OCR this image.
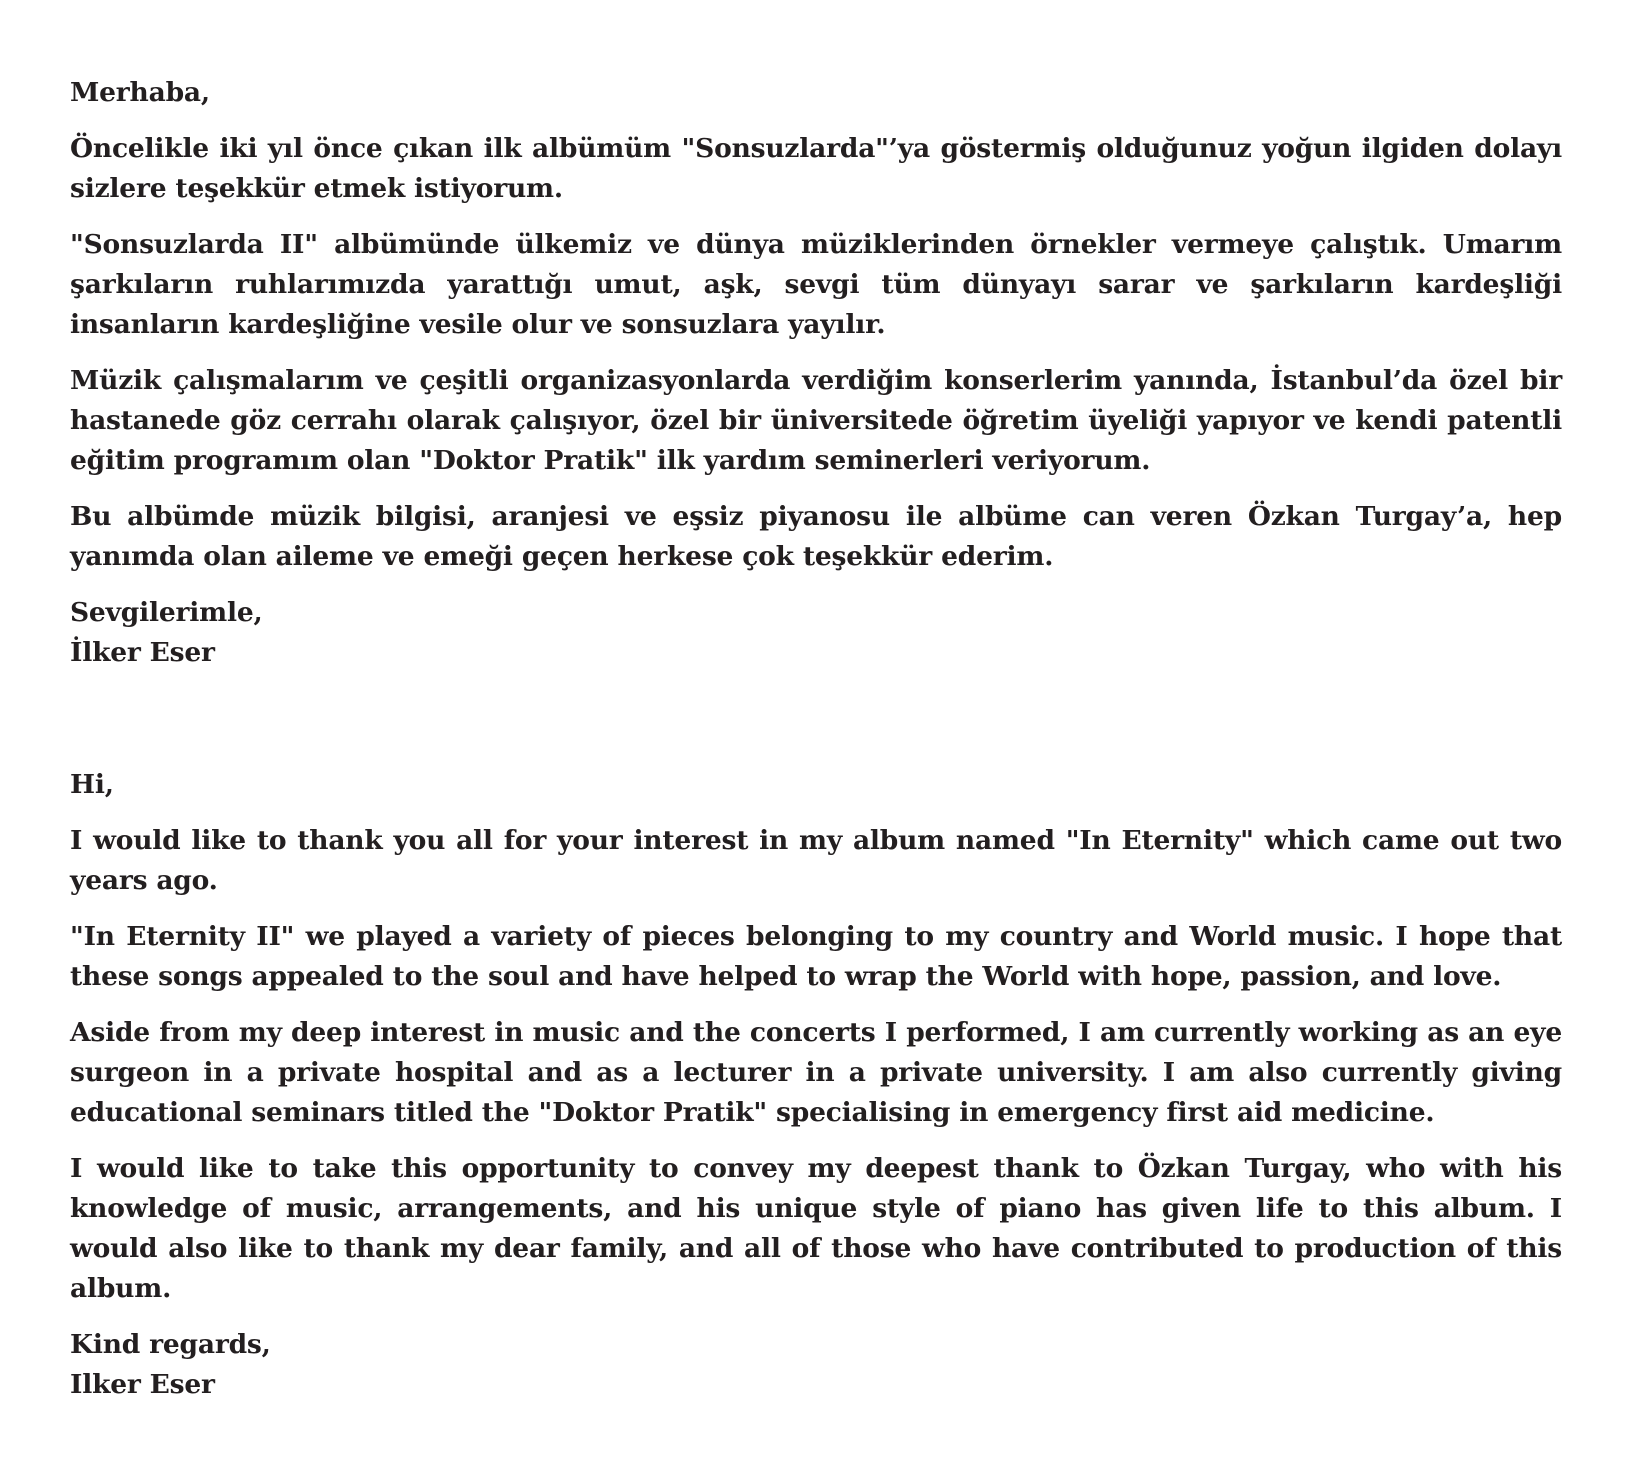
Merhaba,

Öncelikle iki yıl önce çıkan ilk albümüm "Sonsuzlarda"’ya göstermiş olduğunuz yoğun ilgiden dolayı sizlere teşekkür etmek istiyorum.

"Sonsuzlarda II" albümünde ülkemiz ve dünya müziklerinden örnekler vermeye çalıştık. Umarım şarkıların ruhlarımızda yarattığı umut, aşk, sevgi tüm dünyayı sarar ve şarkıların kardeşliği insanların kardeşliğine vesile olur ve sonsuzlara yayılır.

Müzik çalışmalarım ve çeşitli organizasyonlarda verdiğim konserlerim yanında, İstanbul’da özel bir hastanede göz cerrahı olarak çalışıyor, özel bir üniversitede öğretim üyeliği yapıyor ve kendi patentli eğitim programım olan "Doktor Pratik" ilk yardım seminerleri veriyorum.

Bu albümde müzik bilgisi, aranjesi ve eşsiz piyanosu ile albüme can veren Özkan Turgay’a, hep yanımda olan aileme ve emeği geçen herkese çok teşekkür ederim.

Sevgilerimle,
İlker Eser

Hi,

I would like to thank you all for your interest in my album named "In Eternity" which came out two years ago.

"In Eternity II" we played a variety of pieces belonging to my country and World music. I hope that these songs appealed to the soul and have helped to wrap the World with hope, passion, and love.

Aside from my deep interest in music and the concerts I performed, I am currently working as an eye surgeon in a private hospital and as a lecturer in a private university. I am also currently giving educational seminars titled the "Doktor Pratik" specialising in emergency first aid medicine.

I would like to take this opportunity to convey my deepest thank to Özkan Turgay, who with his knowledge of music, arrangements, and his unique style of piano has given life to this album. I would also like to thank my dear family, and all of those who have contributed to production of this album.

Kind regards,
Ilker Eser
